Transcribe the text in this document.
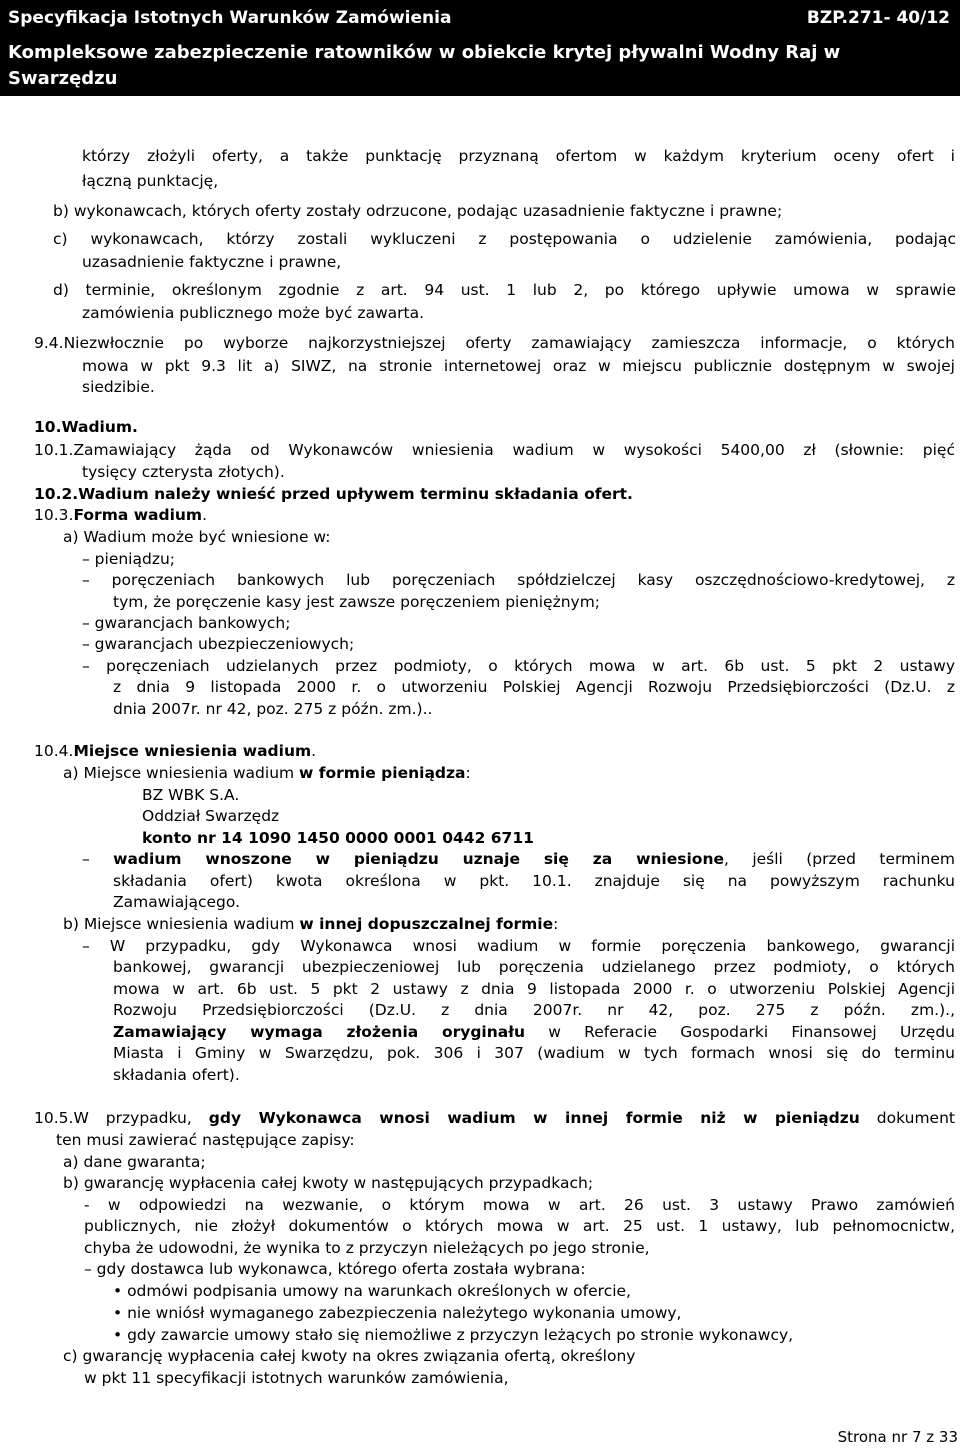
Specyfikacja Istotnych Warunków Zamówienia	BZP.271- 40/12
Kompleksowe zabezpieczenie ratowników w obiekcie krytej pływalni Wodny Raj w
Swarzędzu
którzy złożyli oferty, a także punktację przyznaną ofertom w każdym kryterium oceny ofert i
łączną punktację,
b) wykonawcach, których oferty zostały odrzucone, podając uzasadnienie faktyczne i prawne;
c) wykonawcach, którzy zostali wykluczeni z postępowania o udzielenie zamówienia, podając
uzasadnienie faktyczne i prawne,
d) terminie, określonym zgodnie z art. 94 ust. 1 lub 2, po którego upływie umowa w sprawie
zamówienia publicznego może być zawarta.
9.4.Niezwłocznie po wyborze najkorzystniejszej oferty zamawiający zamieszcza informacje, o których
mowa w pkt 9.3 lit a) SIWZ, na stronie internetowej oraz w miejscu publicznie dostępnym w swojej
siedzibie.
10.Wadium.
10.1.Zamawiający żąda od Wykonawców wniesienia wadium w wysokości 5400,00 zł (słownie: pięć
tysięcy czterysta złotych).
10.2.Wadium należy wnieść przed upływem terminu składania ofert.
10.3.Forma wadium.
a) Wadium może być wniesione w:
– pieniądzu;
– poręczeniach bankowych lub poręczeniach spółdzielczej kasy oszczędnościowo-kredytowej, z
tym, że poręczenie kasy jest zawsze poręczeniem pieniężnym;
– gwarancjach bankowych;
– gwarancjach ubezpieczeniowych;
– poręczeniach udzielanych przez podmioty, o których mowa w art. 6b ust. 5 pkt 2 ustawy
z dnia 9 listopada 2000 r. o utworzeniu Polskiej Agencji Rozwoju Przedsiębiorczości (Dz.U. z
dnia 2007r. nr 42, poz. 275 z późn. zm.)..
10.4.Miejsce wniesienia wadium.
a) Miejsce wniesienia wadium w formie pieniądza:
BZ WBK S.A.
Oddział Swarzędz
konto nr 14 1090 1450 0000 0001 0442 6711
– wadium wnoszone w pieniądzu uznaje się za wniesione, jeśli (przed terminem
składania ofert) kwota określona w pkt. 10.1. znajduje się na powyższym rachunku
Zamawiającego.
b) Miejsce wniesienia wadium w innej dopuszczalnej formie:
– W przypadku, gdy Wykonawca wnosi wadium w formie poręczenia bankowego, gwarancji
bankowej, gwarancji ubezpieczeniowej lub poręczenia udzielanego przez podmioty, o których
mowa w art. 6b ust. 5 pkt 2 ustawy z dnia 9 listopada 2000 r. o utworzeniu Polskiej Agencji
Rozwoju Przedsiębiorczości (Dz.U. z dnia 2007r. nr 42, poz. 275 z późn. zm.).,
Zamawiający wymaga złożenia oryginału w Referacie Gospodarki Finansowej Urzędu
Miasta i Gminy w Swarzędzu, pok. 306 i 307 (wadium w tych formach wnosi się do terminu
składania ofert).
10.5.W przypadku, gdy Wykonawca wnosi wadium w innej formie niż w pieniądzu dokument
ten musi zawierać następujące zapisy:
a) dane gwaranta;
b) gwarancję wypłacenia całej kwoty w następujących przypadkach;
- w odpowiedzi na wezwanie, o którym mowa w art. 26 ust. 3 ustawy Prawo zamówień
publicznych, nie złożył dokumentów o których mowa w art. 25 ust. 1 ustawy, lub pełnomocnictw,
chyba że udowodni, że wynika to z przyczyn nieleżących po jego stronie,
– gdy dostawca lub wykonawca, którego oferta została wybrana:
• odmówi podpisania umowy na warunkach określonych w ofercie,
• nie wniósł wymaganego zabezpieczenia należytego wykonania umowy,
• gdy zawarcie umowy stało się niemożliwe z przyczyn leżących po stronie wykonawcy,
c) gwarancję wypłacenia całej kwoty na okres związania ofertą, określony
w pkt 11 specyfikacji istotnych warunków zamówienia,
Strona nr 7 z 33
